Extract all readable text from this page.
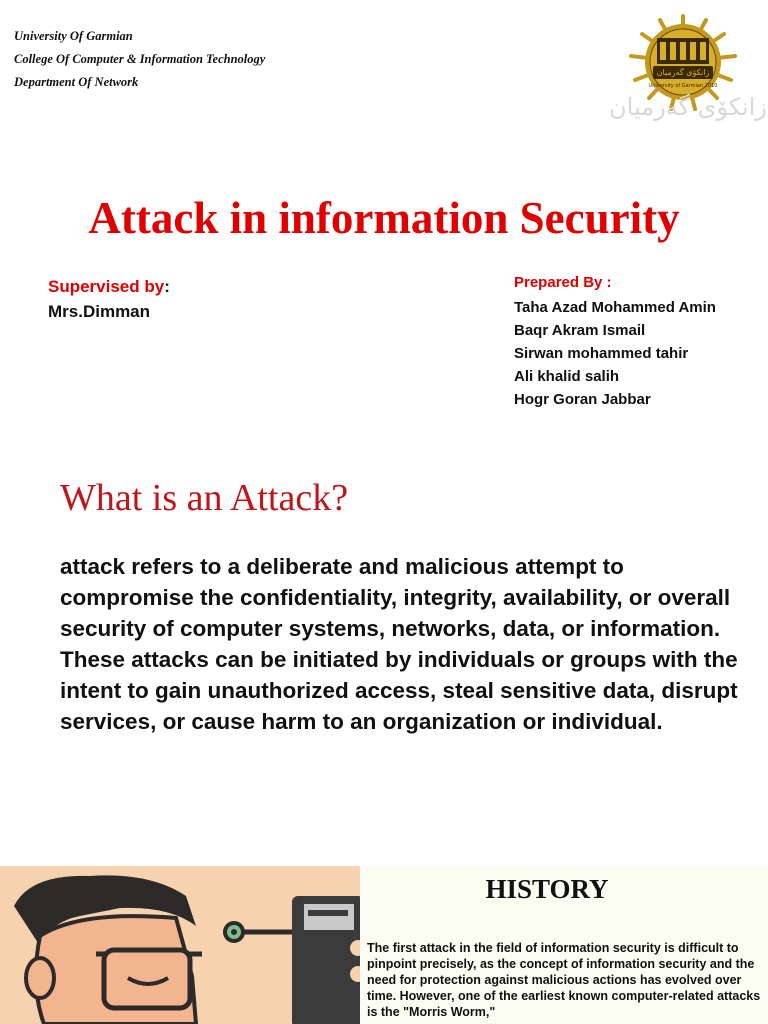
University Of Garmian
College Of Computer & Information Technology
Department Of Network
زانكۆی گەرمیان
University of Garmian 2010
زانكۆی گەرمیان
Attack in information Security
Supervised by:
Mrs.Dimman
Prepared By :
Taha Azad Mohammed Amin
Baqr Akram Ismail
Sirwan mohammed tahir
Ali khalid salih
Hogr Goran Jabbar
What is an Attack?

attack refers to a deliberate and malicious attempt to compromise the confidentiality, integrity, availability, or overall security of computer systems, networks, data, or information. These attacks can be initiated by individuals or groups with the intent to gain unauthorized access, steal sensitive data, disrupt services, or cause harm to an organization or individual.

HISTORY

The first attack in the field of information security is difficult to pinpoint precisely, as the concept of information security and the need for protection against malicious actions has evolved over time. However, one of the earliest known computer-related attacks is the "Morris Worm,"
